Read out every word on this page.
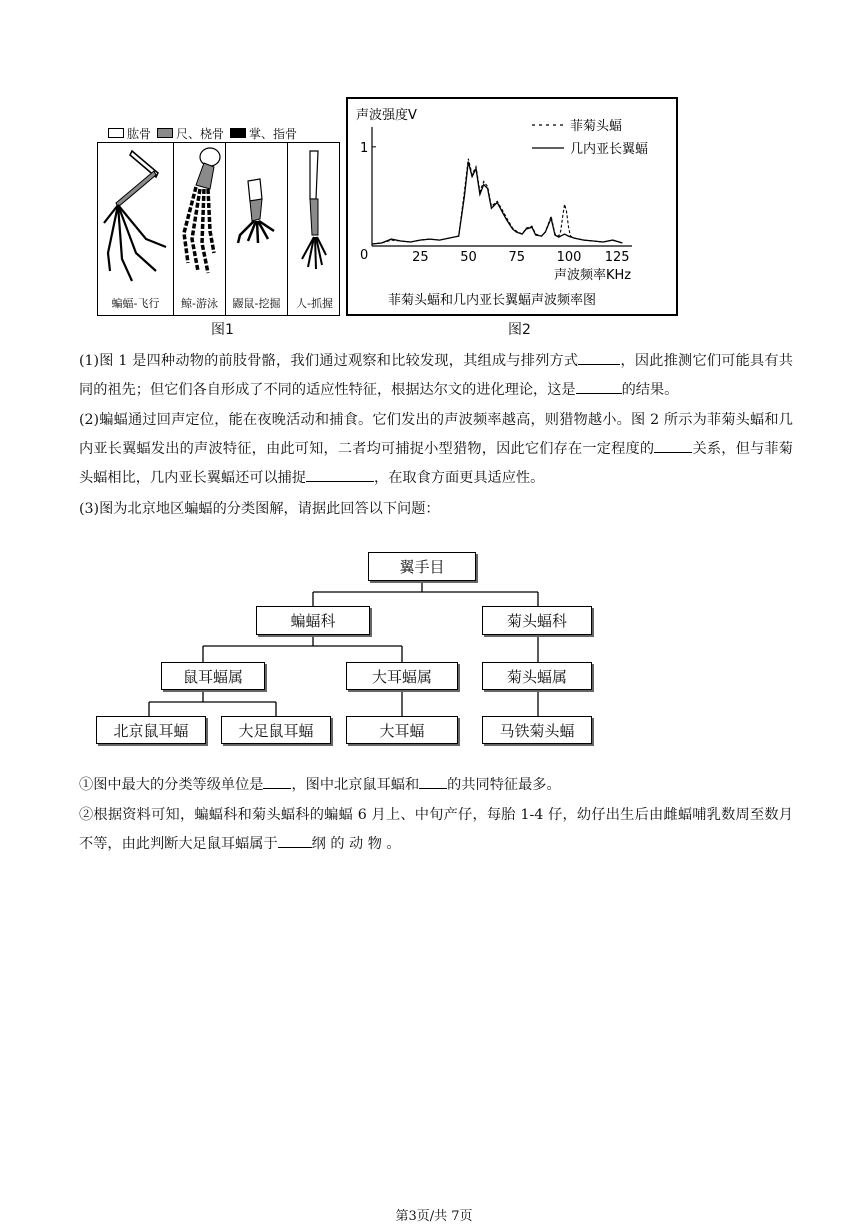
肱骨 尺、桡骨 掌、指骨
蝙蝠-飞行	鲸-游泳	鼹鼠-挖掘	人-抓握
图1
声波强度V
声波频率KHz
菲菊头蝠和几内亚长翼蝠声波频率图
菲菊头蝠
几内亚长翼蝠
25 50 75 100 125
0
1
图2
(1)图 1 是四种动物的前肢骨骼，我们通过观察和比较发现，其组成与排列方式	，因此推测它们可能具有共同的祖先；但它们各自形成了不同的适应性特征，根据达尔文的进化理论，这是	的结果。
(2)蝙蝠通过回声定位，能在夜晚活动和捕食。它们发出的声波频率越高，则猎物越小。图 2 所示为菲菊头蝠和几内亚长翼蝠发出的声波特征，由此可知，二者均可捕捉小型猎物，因此它们存在一定程度的	关系，但与菲菊头蝠相比，几内亚长翼蝠还可以捕捉	，在取食方面更具适应性。
(3)图为北京地区蝙蝠的分类图解，请据此回答以下问题：
翼手目
蝙蝠科	菊头蝠科
鼠耳蝠属	大耳蝠属	菊头蝠属
北京鼠耳蝠	大足鼠耳蝠	大耳蝠	马铁菊头蝠
①图中最大的分类等级单位是 ，图中北京鼠耳蝠和 的共同特征最多。
②根据资料可知，蝙蝠科和菊头蝠科的蝙蝠 6 月上、中旬产仔，每胎 1-4 仔，幼仔出生后由雌蝠哺乳数周至数月不等，由此判断大足鼠耳蝠属于 纲 的 动 物 。
第3页/共 7页
